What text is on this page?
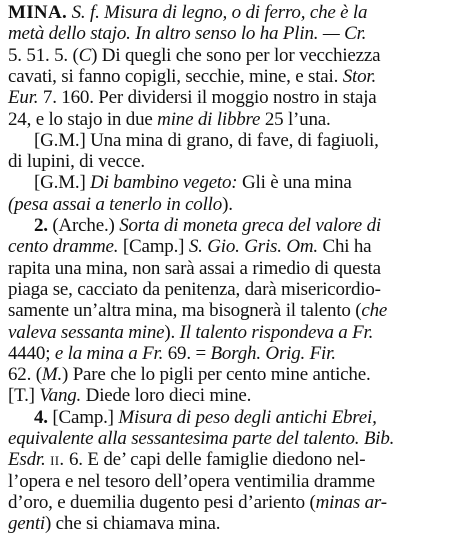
MINA. S. f. Misura di legno, o di ferro, che è la
metà dello stajo. In altro senso lo ha Plin. — Cr.
5. 51. 5. (C) Di quegli che sono per lor vecchiezza
cavati, si fanno copigli, secchie, mine, e stai. Stor.
Eur. 7. 160. Per dividersi il moggio nostro in staja
24, e lo stajo in due mine di libbre 25 l’una.
[G.M.] Una mina di grano, di fave, di fagiuoli,
di lupini, di vecce.
[G.M.] Di bambino vegeto: Gli è una mina
(pesa assai a tenerlo in collo).
2. (Arche.) Sorta di moneta greca del valore di
cento dramme. [Camp.] S. Gio. Gris. Om. Chi ha
rapita una mina, non sarà assai a rimedio di questa
piaga se, cacciato da penitenza, darà misericordio-
samente un’altra mina, ma bisognerà il talento (che
valeva sessanta mine). Il talento rispondeva a Fr.
4440; e la mina a Fr. 69. = Borgh. Orig. Fir.
62. (M.) Pare che lo pigli per cento mine antiche.
[T.] Vang. Diede loro dieci mine.
4. [Camp.] Misura di peso degli antichi Ebrei,
equivalente alla sessantesima parte del talento. Bib.
Esdr. ii. 6. E de’ capi delle famiglie diedono nel-
l’opera e nel tesoro dell’opera ventimilia dramme
d’oro, e duemilia dugento pesi d’ariento (minas ar-
genti) che si chiamava mina.
